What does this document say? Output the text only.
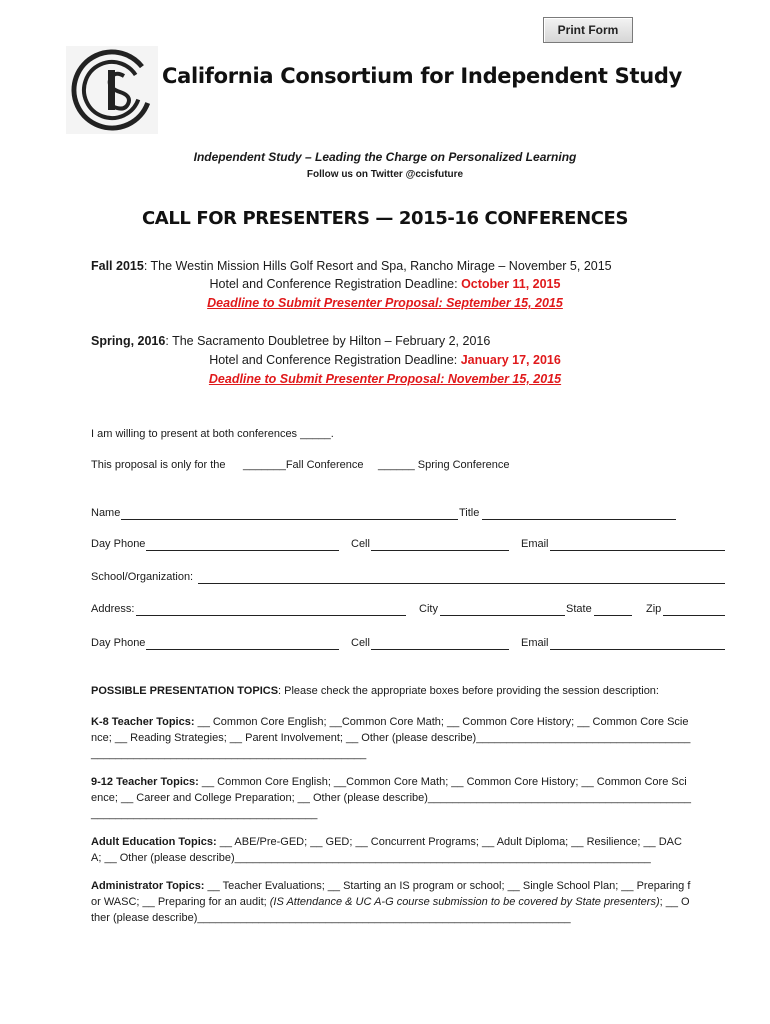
Print Form
California Consortium for Independent Study
Independent Study – Leading the Charge on Personalized Learning
Follow us on Twitter @ccisfuture
CALL FOR PRESENTERS — 2015-16 CONFERENCES
Fall 2015: The Westin Mission Hills Golf Resort and Spa, Rancho Mirage – November 5, 2015
Hotel and Conference Registration Deadline: October 11, 2015
Deadline to Submit Presenter Proposal: September 15, 2015
Spring, 2016: The Sacramento Doubletree by Hilton – February 2, 2016
Hotel and Conference Registration Deadline: January 17, 2016
Deadline to Submit Presenter Proposal: November 15, 2015
I am willing to present at both conferences _____.
This proposal is only for the _______Fall Conference ______ Spring Conference
Name	Title
Day Phone	Cell	Email
School/Organization:
Address:	City	State	Zip
Day Phone	Cell	Email
POSSIBLE PRESENTATION TOPICS: Please check the appropriate boxes before providing the session description:
K-8 Teacher Topics: __ Common Core English; __Common Core Math; __ Common Core History; __ Common Core Science; __ Reading Strategies; __ Parent Involvement; __ Other (please describe)________________________________________________________________________________
9-12 Teacher Topics: __ Common Core English; __Common Core Math; __ Common Core History; __ Common Core Science; __ Career and College Preparation; __ Other (please describe)________________________________________________________________________________
Adult Education Topics: __ ABE/Pre-GED; __ GED; __ Concurrent Programs; __ Adult Diploma; __ Resilience; __ DACA; __ Other (please describe)____________________________________________________________________
Administrator Topics: __ Teacher Evaluations; __ Starting an IS program or school; __ Single School Plan; __ Preparing for WASC; __ Preparing for an audit; (IS Attendance & UC A-G course submission to be covered by State presenters); __ Other (please describe)_____________________________________________________________
